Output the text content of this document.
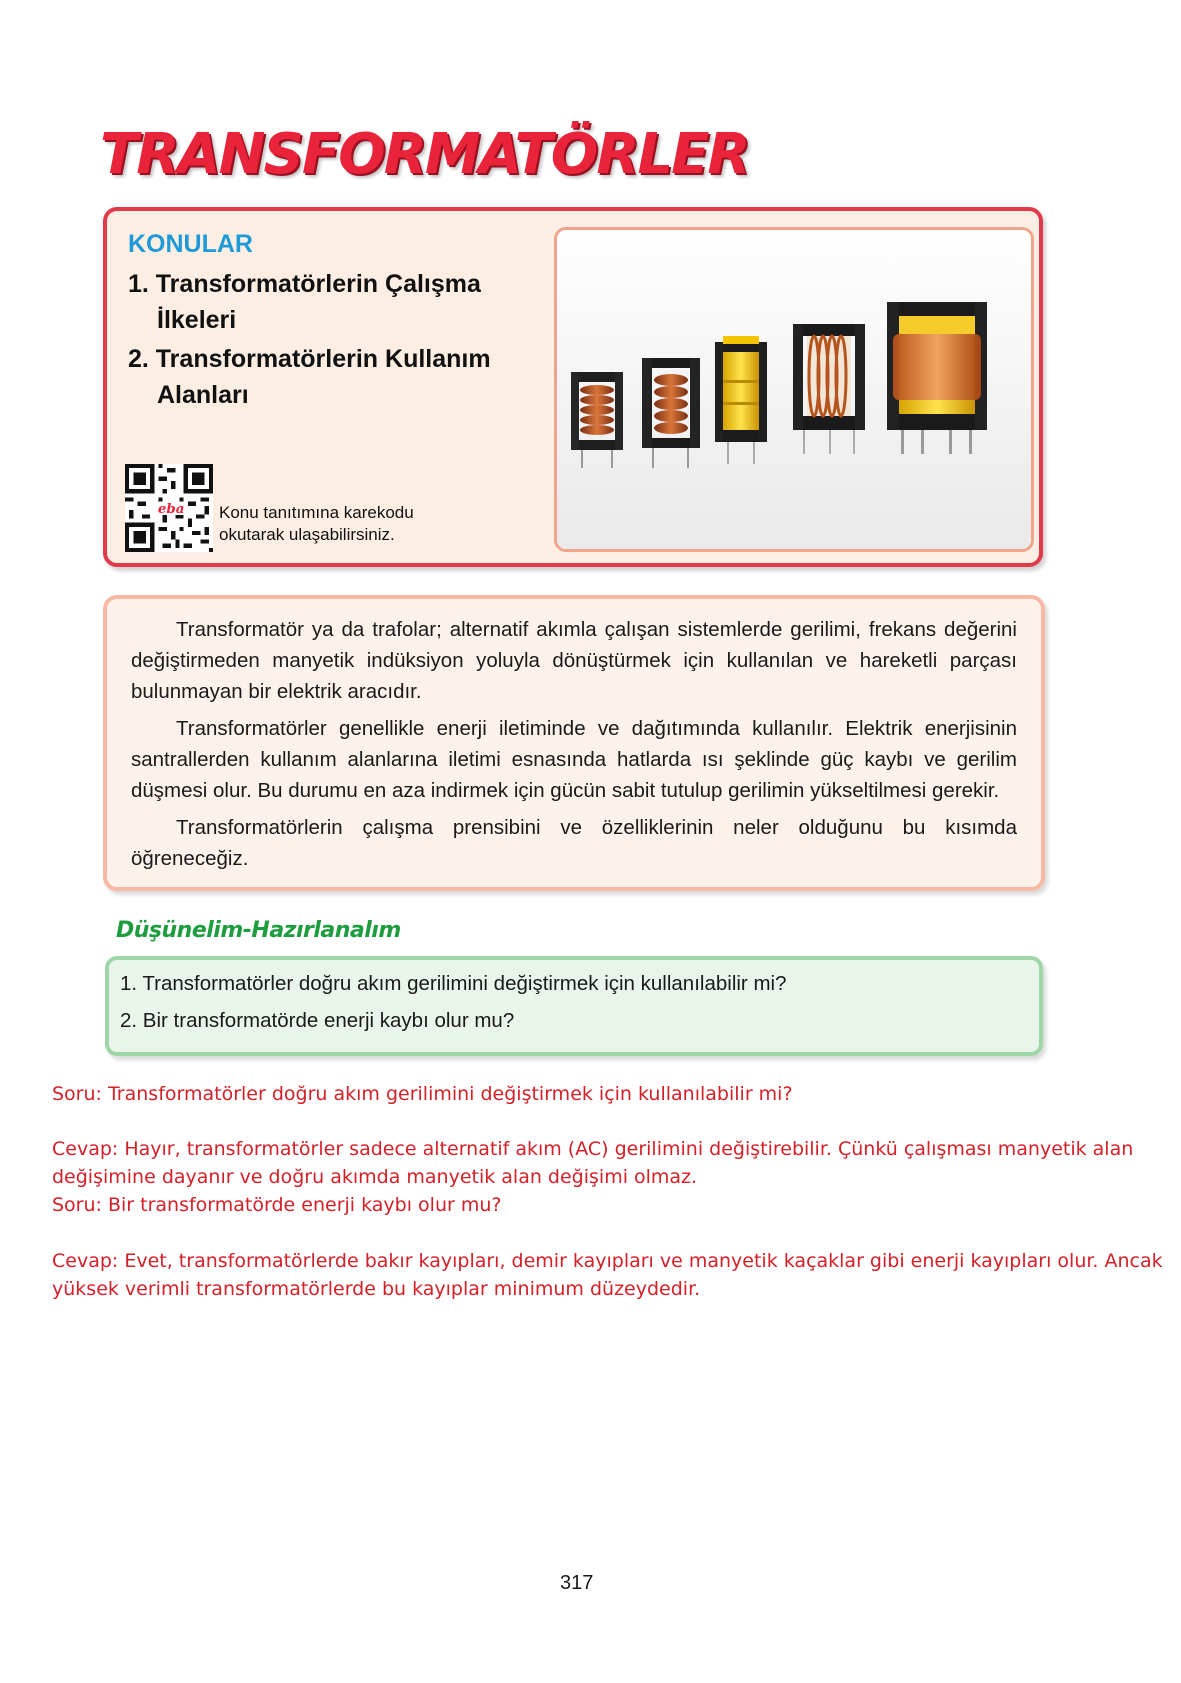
TRANSFORMATÖRLER
KONULAR
1. Transformatörlerin Çalışma
İlkeleri
2. Transformatörlerin Kullanım
Alanları
eba Konu tanıtımına karekodu
okutarak ulaşabilirsiniz.

Transformatör ya da trafolar; alternatif akımla çalışan sistemlerde gerilimi, frekans değerini değiştirmeden manyetik indüksiyon yoluyla dönüştürmek için kullanılan ve hareketli parçası bulunmayan bir elektrik aracıdır.

Transformatörler genellikle enerji iletiminde ve dağıtımında kullanılır. Elektrik enerjisinin santrallerden kullanım alanlarına iletimi esnasında hatlarda ısı şeklinde güç kaybı ve gerilim düşmesi olur. Bu durumu en aza indirmek için gücün sabit tutulup gerilimin yükseltilmesi gerekir.

Transformatörlerin çalışma prensibini ve özelliklerinin neler olduğunu bu kısımda öğreneceğiz.

Düşünelim-Hazırlanalım
1. Transformatörler doğru akım gerilimini değiştirmek için kullanılabilir mi?
2. Bir transformatörde enerji kaybı olur mu?
Soru: Transformatörler doğru akım gerilimini değiştirmek için kullanılabilir mi?
Cevap: Hayır, transformatörler sadece alternatif akım (AC) gerilimini değiştirebilir. Çünkü çalışması manyetik alan değişimine dayanır ve doğru akımda manyetik alan değişimi olmaz.
Soru: Bir transformatörde enerji kaybı olur mu?
Cevap: Evet, transformatörlerde bakır kayıpları, demir kayıpları ve manyetik kaçaklar gibi enerji kayıpları olur. Ancak yüksek verimli transformatörlerde bu kayıplar minimum düzeydedir.
317
